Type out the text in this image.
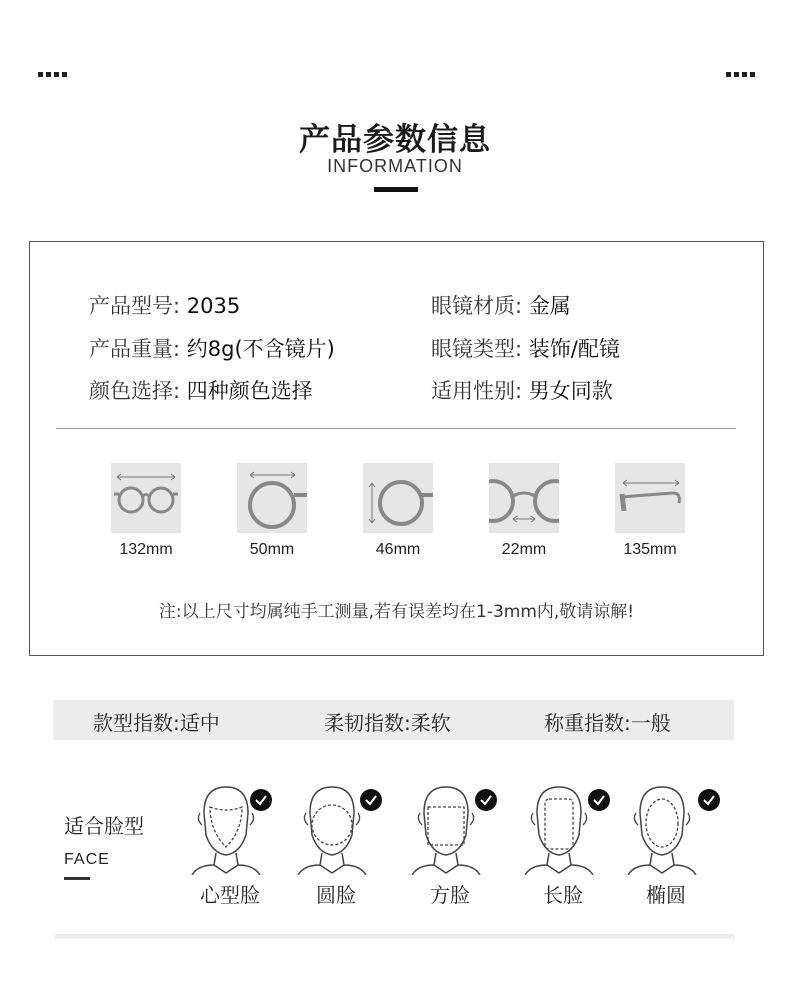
产品参数信息
INFORMATION
产品型号: 2035	眼镜材质: 金属
产品重量: 约8g(不含镜片)	眼镜类型: 装饰/配镜
颜色选择: 四种颜色选择	适用性别: 男女同款
132mm	50mm	46mm	22mm	135mm
注:以上尺寸均属纯手工测量,若有误差均在1-3mm内,敬请谅解!
款型指数:适中	柔韧指数:柔软	称重指数:一般
适合脸型
FACE
心型脸	圆脸	方脸	长脸	椭圆
